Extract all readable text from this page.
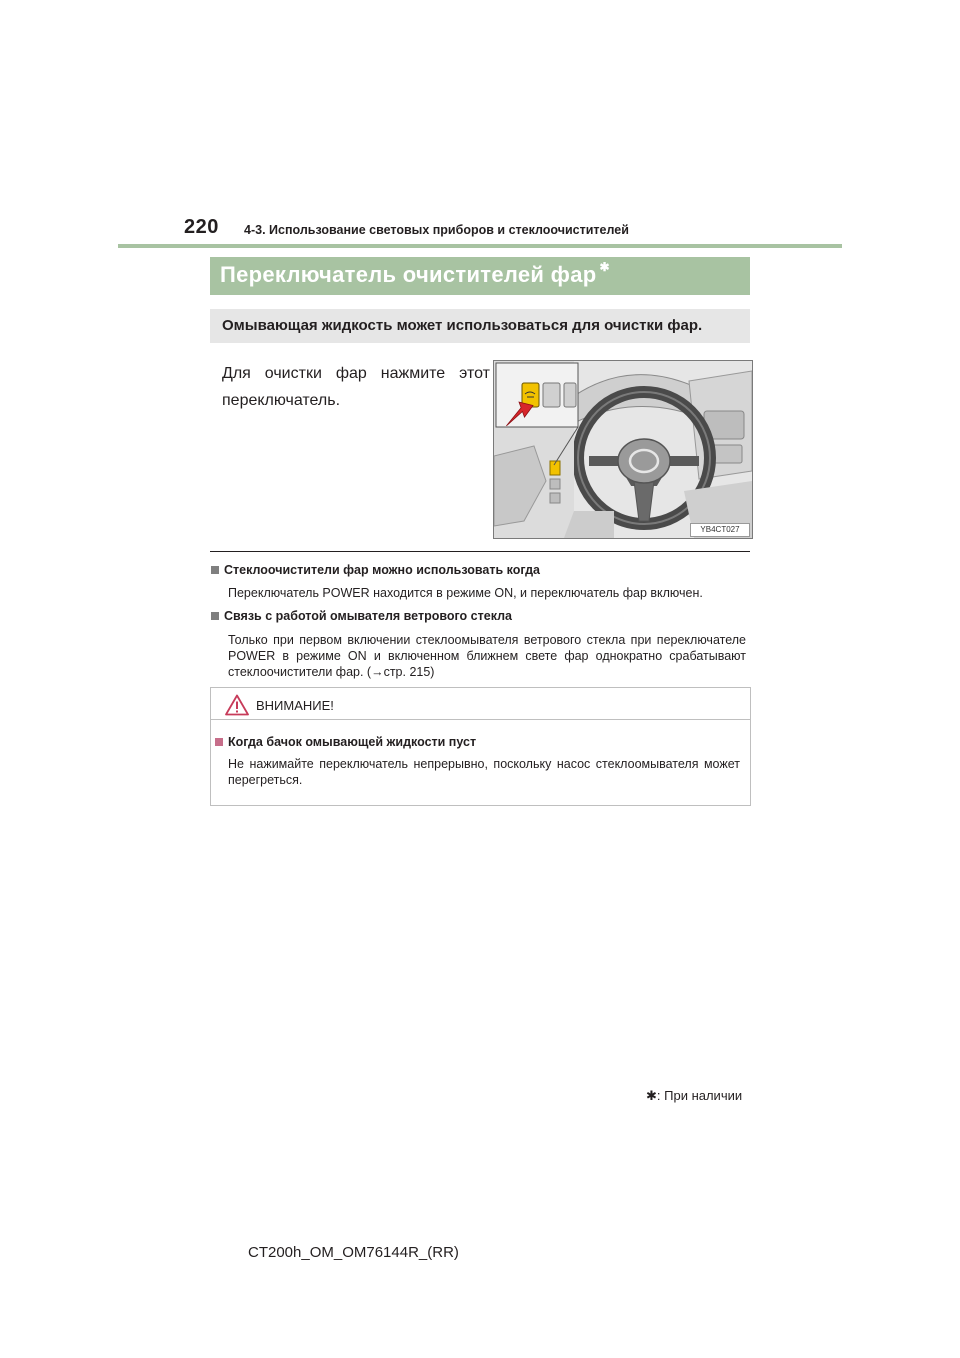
220 4-3. Использование световых приборов и стеклоочистителей
Переключатель очистителей фар ✱
Омывающая жидкость может использоваться для очистки фар.
Для очистки фар нажмите этот
переключатель.
YB4CT027
Стеклоочистители фар можно использовать когда
Переключатель POWER находится в режиме ON, и переключатель фар включен.
Связь с работой омывателя ветрового стекла
Только при первом включении стеклоомывателя ветрового стекла при переключателе POWER в режиме ON и включенном ближнем свете фар однократно срабатывают стеклоочистители фар. (→стр. 215)
ВНИМАНИЕ!
Когда бачок омывающей жидкости пуст
Не нажимайте переключатель непрерывно, поскольку насос стеклоомывателя может перегреться.
✱: При наличии
CT200h_OM_OM76144R_(RR)
